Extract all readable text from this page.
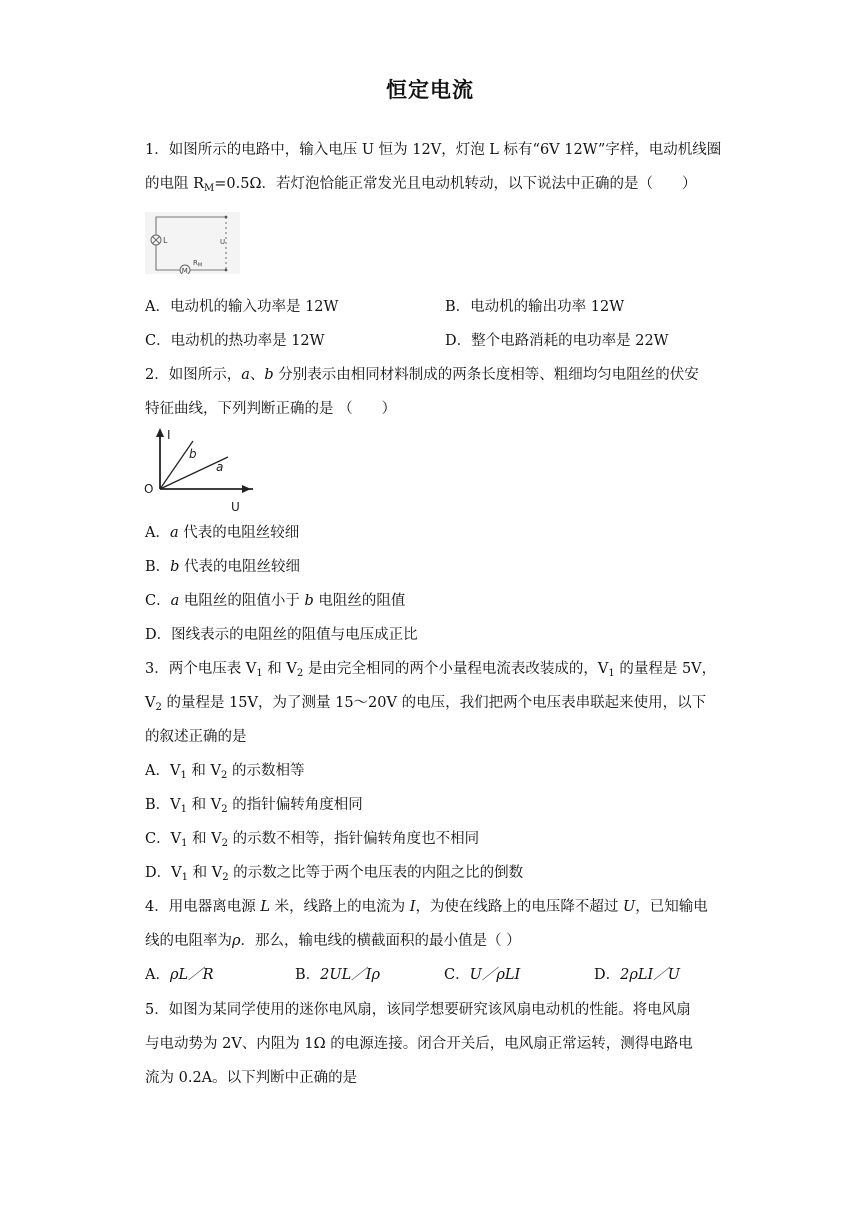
恒定电流
1．如图所示的电路中，输入电压 U 恒为 12V，灯泡 L 标有“6V 12W”字样，电动机线圈
的电阻 $R_M=0.5\Omega$．若灯泡恰能正常发光且电动机转动，以下说法中正确的是（　　）
L	U
M
$R_M$
A．电动机的输入功率是 12W	B．电动机的输出功率 12W
C．电动机的热功率是 12W	D．整个电路消耗的电功率是 22W
2．如图所示，a、b 分别表示由相同材料制成的两条长度相等、粗细均匀电阻丝的伏安
特征曲线，下列判断正确的是 （　　）
I
b
a
O
U
A．a 代表的电阻丝较细
B．b 代表的电阻丝较细
C．a 电阻丝的阻值小于 b 电阻丝的阻值
D．图线表示的电阻丝的阻值与电压成正比
3．两个电压表 $V_1$ 和 $V_2$ 是由完全相同的两个小量程电流表改装成的，$V_1$ 的量程是 5V，
$V_2$ 的量程是 15V，为了测量 15～20V 的电压，我们把两个电压表串联起来使用，以下
的叙述正确的是
A．$V_1$ 和 $V_2$ 的示数相等
B．$V_1$ 和 $V_2$ 的指针偏转角度相同
C．$V_1$ 和 $V_2$ 的示数不相等，指针偏转角度也不相同
D．$V_1$ 和 $V_2$ 的示数之比等于两个电压表的内阻之比的倒数
4．用电器离电源 L 米，线路上的电流为 I，为使在线路上的电压降不超过 U，已知输电
线的电阻率为ρ．那么，输电线的横截面积的最小值是（ ）
A．ρL／R	B．2UL／Iρ	C．U／ρLI	D．2ρLI／U
5．如图为某同学使用的迷你电风扇，该同学想要研究该风扇电动机的性能。将电风扇
与电动势为 2V、内阻为 1Ω 的电源连接。闭合开关后，电风扇正常运转，测得电路电
流为 0.2A。以下判断中正确的是
